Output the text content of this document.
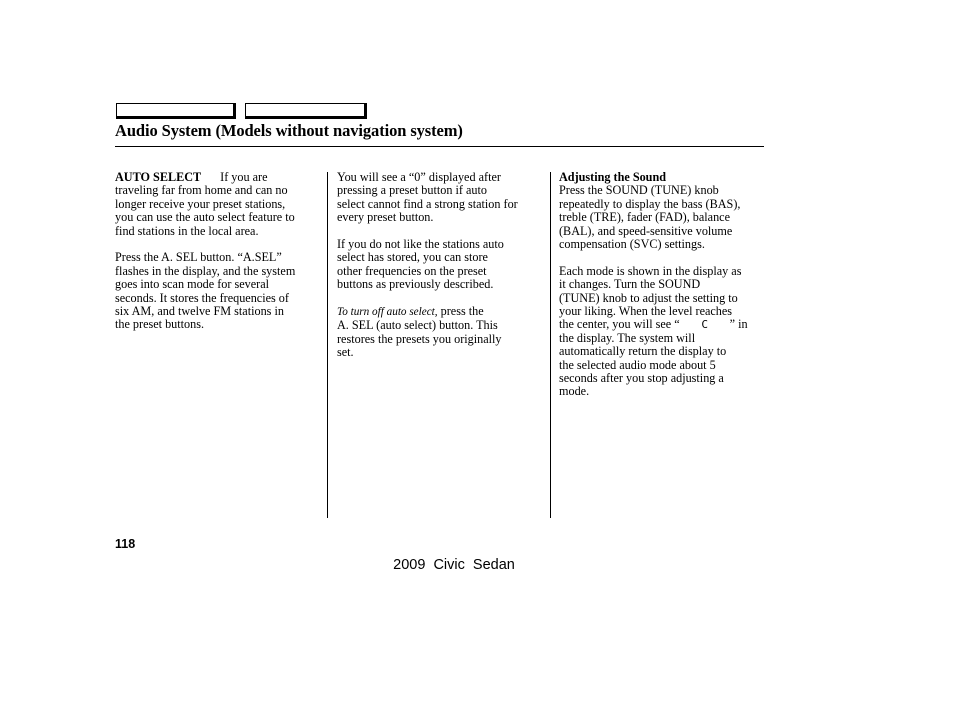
Audio System (Models without navigation system)

AUTO SELECT If you are
traveling far from home and can no
longer receive your preset stations,
you can use the auto select feature to
find stations in the local area.

Press the A. SEL button. “A.SEL”
flashes in the display, and the system
goes into scan mode for several
seconds. It stores the frequencies of
six AM, and twelve FM stations in
the preset buttons.

You will see a “0” displayed after
pressing a preset button if auto
select cannot find a strong station for
every preset button.

If you do not like the stations auto
select has stored, you can store
other frequencies on the preset
buttons as previously described.

To turn off auto select, press the
A. SEL (auto select) button. This
restores the presets you originally
set.

Adjusting the Sound
Press the SOUND (TUNE) knob
repeatedly to display the bass (BAS),
treble (TRE), fader (FAD), balance
(BAL), and speed-sensitive volume
compensation (SVC) settings.

Each mode is shown in the display as
it changes. Turn the SOUND
(TUNE) knob to adjust the setting to
your liking. When the level reaches
the center, you will see “ C ” in
the display. The system will
automatically return the display to
the selected audio mode about 5
seconds after you stop adjusting a
mode.

118
2009  Civic  Sedan
